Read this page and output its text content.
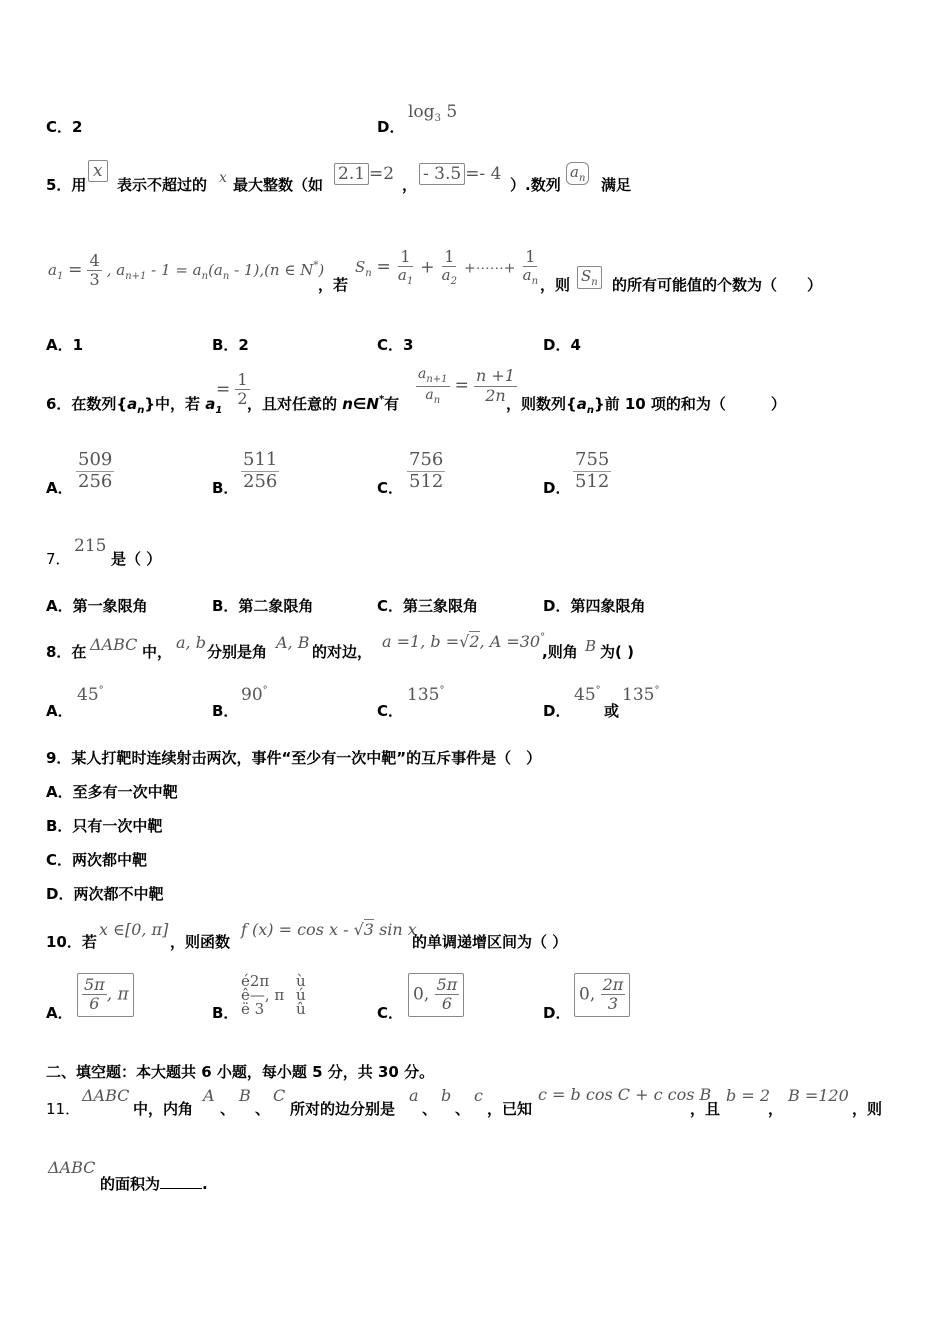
C．2	D．
$\log_3 5$
5．用
x
表示不超过的 x 最大整数（如
2.1 =2
，
- 3.5 =- 4
）.数列
$a_n$ 满足
$a_1 = \frac{4}{3}$ , $a_{n+1} - 1 = a_n(a_n - 1),(n$ ∈ N*)
，若
$S_n = \frac{1}{a_1} + \frac{1}{a_2}$ +⋯⋯+ $\frac{1}{a_n}$ ，则 $S_n$ 的所有可能值的个数为（　　）
A．1	B．2	C．3	D．4
6．在数列$\{a_n\}$中，若 $a_1$
= $\frac{1}{2}$
，且对任意的 n∈N*有 $\frac{a_{n+1}}{a_n} = \frac{n +1}{2n}$
，则数列$\{a_n\}$前 10 项的和为（　　　）
A． $\frac{509}{256}$	B． $\frac{511}{256}$	C． $\frac{756}{512}$	D． $\frac{755}{512}$
7．
215
是（ ）
A．第一象限角	B．第二象限角	C．第三象限角	D．第四象限角
8．在 ΔABC 中， a, b 分别是角 A, B 的对边，
a =1, b =√2, A =30°
,则角 B 为( )
A．
45°
B．
90°
C．
135°
D．
45°
或
135°
9．某人打靶时连续射击两次，事件“至少有一次中靶”的互斥事件是（　）
A．至多有一次中靶
B．只有一次中靶
C．两次都中靶
D．两次都不中靶
10．若
x ∈[0, π]
，则函数
f (x) = cos x - √3 sin x
的单调递增区间为（ ）
A． $\frac{5\pi}{6}$ , π
B．
é2π
ê—, π
ë 3
ù
ú
û	C．
0, $\frac{5\pi}{6}$	D．
0, $\frac{2\pi}{3}$
二、填空题：本大题共 6 小题，每小题 5 分，共 30 分。
11．
ΔABC
中，内角
A
、
B
、
C
所对的边分别是
a
、
b
、
c
，已知
c = b cos C + c cos B
，且
b = 2
，
B =120
，则
ΔABC
的面积为	.
